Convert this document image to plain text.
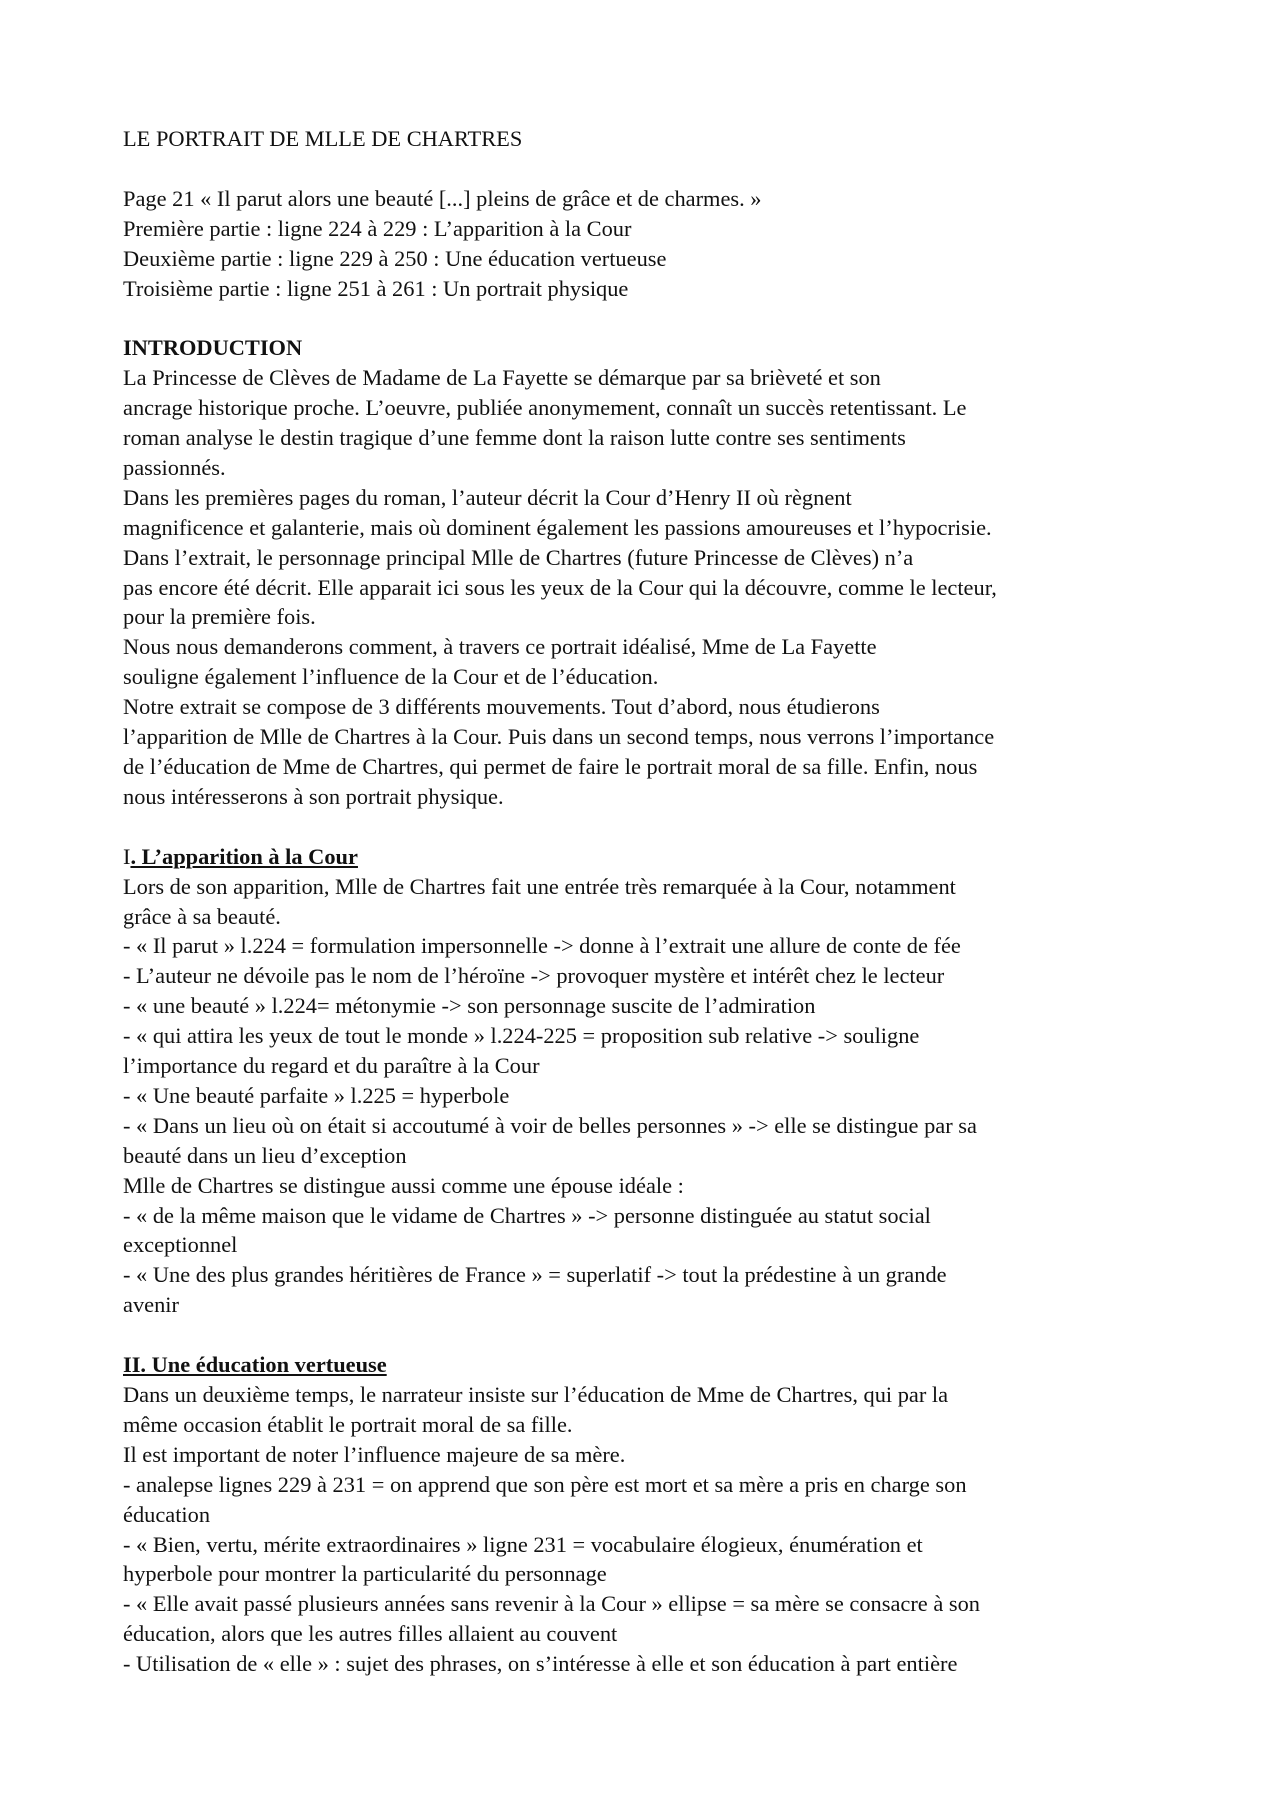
LE PORTRAIT DE MLLE DE CHARTRES
Page 21 « Il parut alors une beauté [...] pleins de grâce et de charmes. »
Première partie : ligne 224 à 229 : L’apparition à la Cour
Deuxième partie : ligne 229 à 250 : Une éducation vertueuse
Troisième partie : ligne 251 à 261 : Un portrait physique
INTRODUCTION
La Princesse de Clèves de Madame de La Fayette se démarque par sa brièveté et son
ancrage historique proche. L’oeuvre, publiée anonymement, connaît un succès retentissant. Le
roman analyse le destin tragique d’une femme dont la raison lutte contre ses sentiments
passionnés.
Dans les premières pages du roman, l’auteur décrit la Cour d’Henry II où règnent
magnificence et galanterie, mais où dominent également les passions amoureuses et l’hypocrisie.
Dans l’extrait, le personnage principal Mlle de Chartres (future Princesse de Clèves) n’a
pas encore été décrit. Elle apparait ici sous les yeux de la Cour qui la découvre, comme le lecteur,
pour la première fois.
Nous nous demanderons comment, à travers ce portrait idéalisé, Mme de La Fayette
souligne également l’influence de la Cour et de l’éducation.
Notre extrait se compose de 3 différents mouvements. Tout d’abord, nous étudierons
l’apparition de Mlle de Chartres à la Cour. Puis dans un second temps, nous verrons l’importance
de l’éducation de Mme de Chartres, qui permet de faire le portrait moral de sa fille. Enfin, nous
nous intéresserons à son portrait physique.
I. L’apparition à la Cour
Lors de son apparition, Mlle de Chartres fait une entrée très remarquée à la Cour, notamment
grâce à sa beauté.
- « Il parut » l.224 = formulation impersonnelle -> donne à l’extrait une allure de conte de fée
- L’auteur ne dévoile pas le nom de l’héroïne -> provoquer mystère et intérêt chez le lecteur
- « une beauté » l.224= métonymie -> son personnage suscite de l’admiration
- « qui attira les yeux de tout le monde » l.224-225 = proposition sub relative -> souligne
l’importance du regard et du paraître à la Cour
- « Une beauté parfaite » l.225 = hyperbole
- « Dans un lieu où on était si accoutumé à voir de belles personnes » -> elle se distingue par sa
beauté dans un lieu d’exception
Mlle de Chartres se distingue aussi comme une épouse idéale :
- « de la même maison que le vidame de Chartres » -> personne distinguée au statut social
exceptionnel
- « Une des plus grandes héritières de France » = superlatif -> tout la prédestine à un grande
avenir
II. Une éducation vertueuse
Dans un deuxième temps, le narrateur insiste sur l’éducation de Mme de Chartres, qui par la
même occasion établit le portrait moral de sa fille.
Il est important de noter l’influence majeure de sa mère.
- analepse lignes 229 à 231 = on apprend que son père est mort et sa mère a pris en charge son
éducation
- « Bien, vertu, mérite extraordinaires » ligne 231 = vocabulaire élogieux, énumération et
hyperbole pour montrer la particularité du personnage
- « Elle avait passé plusieurs années sans revenir à la Cour » ellipse = sa mère se consacre à son
éducation, alors que les autres filles allaient au couvent
- Utilisation de « elle » : sujet des phrases, on s’intéresse à elle et son éducation à part entière
